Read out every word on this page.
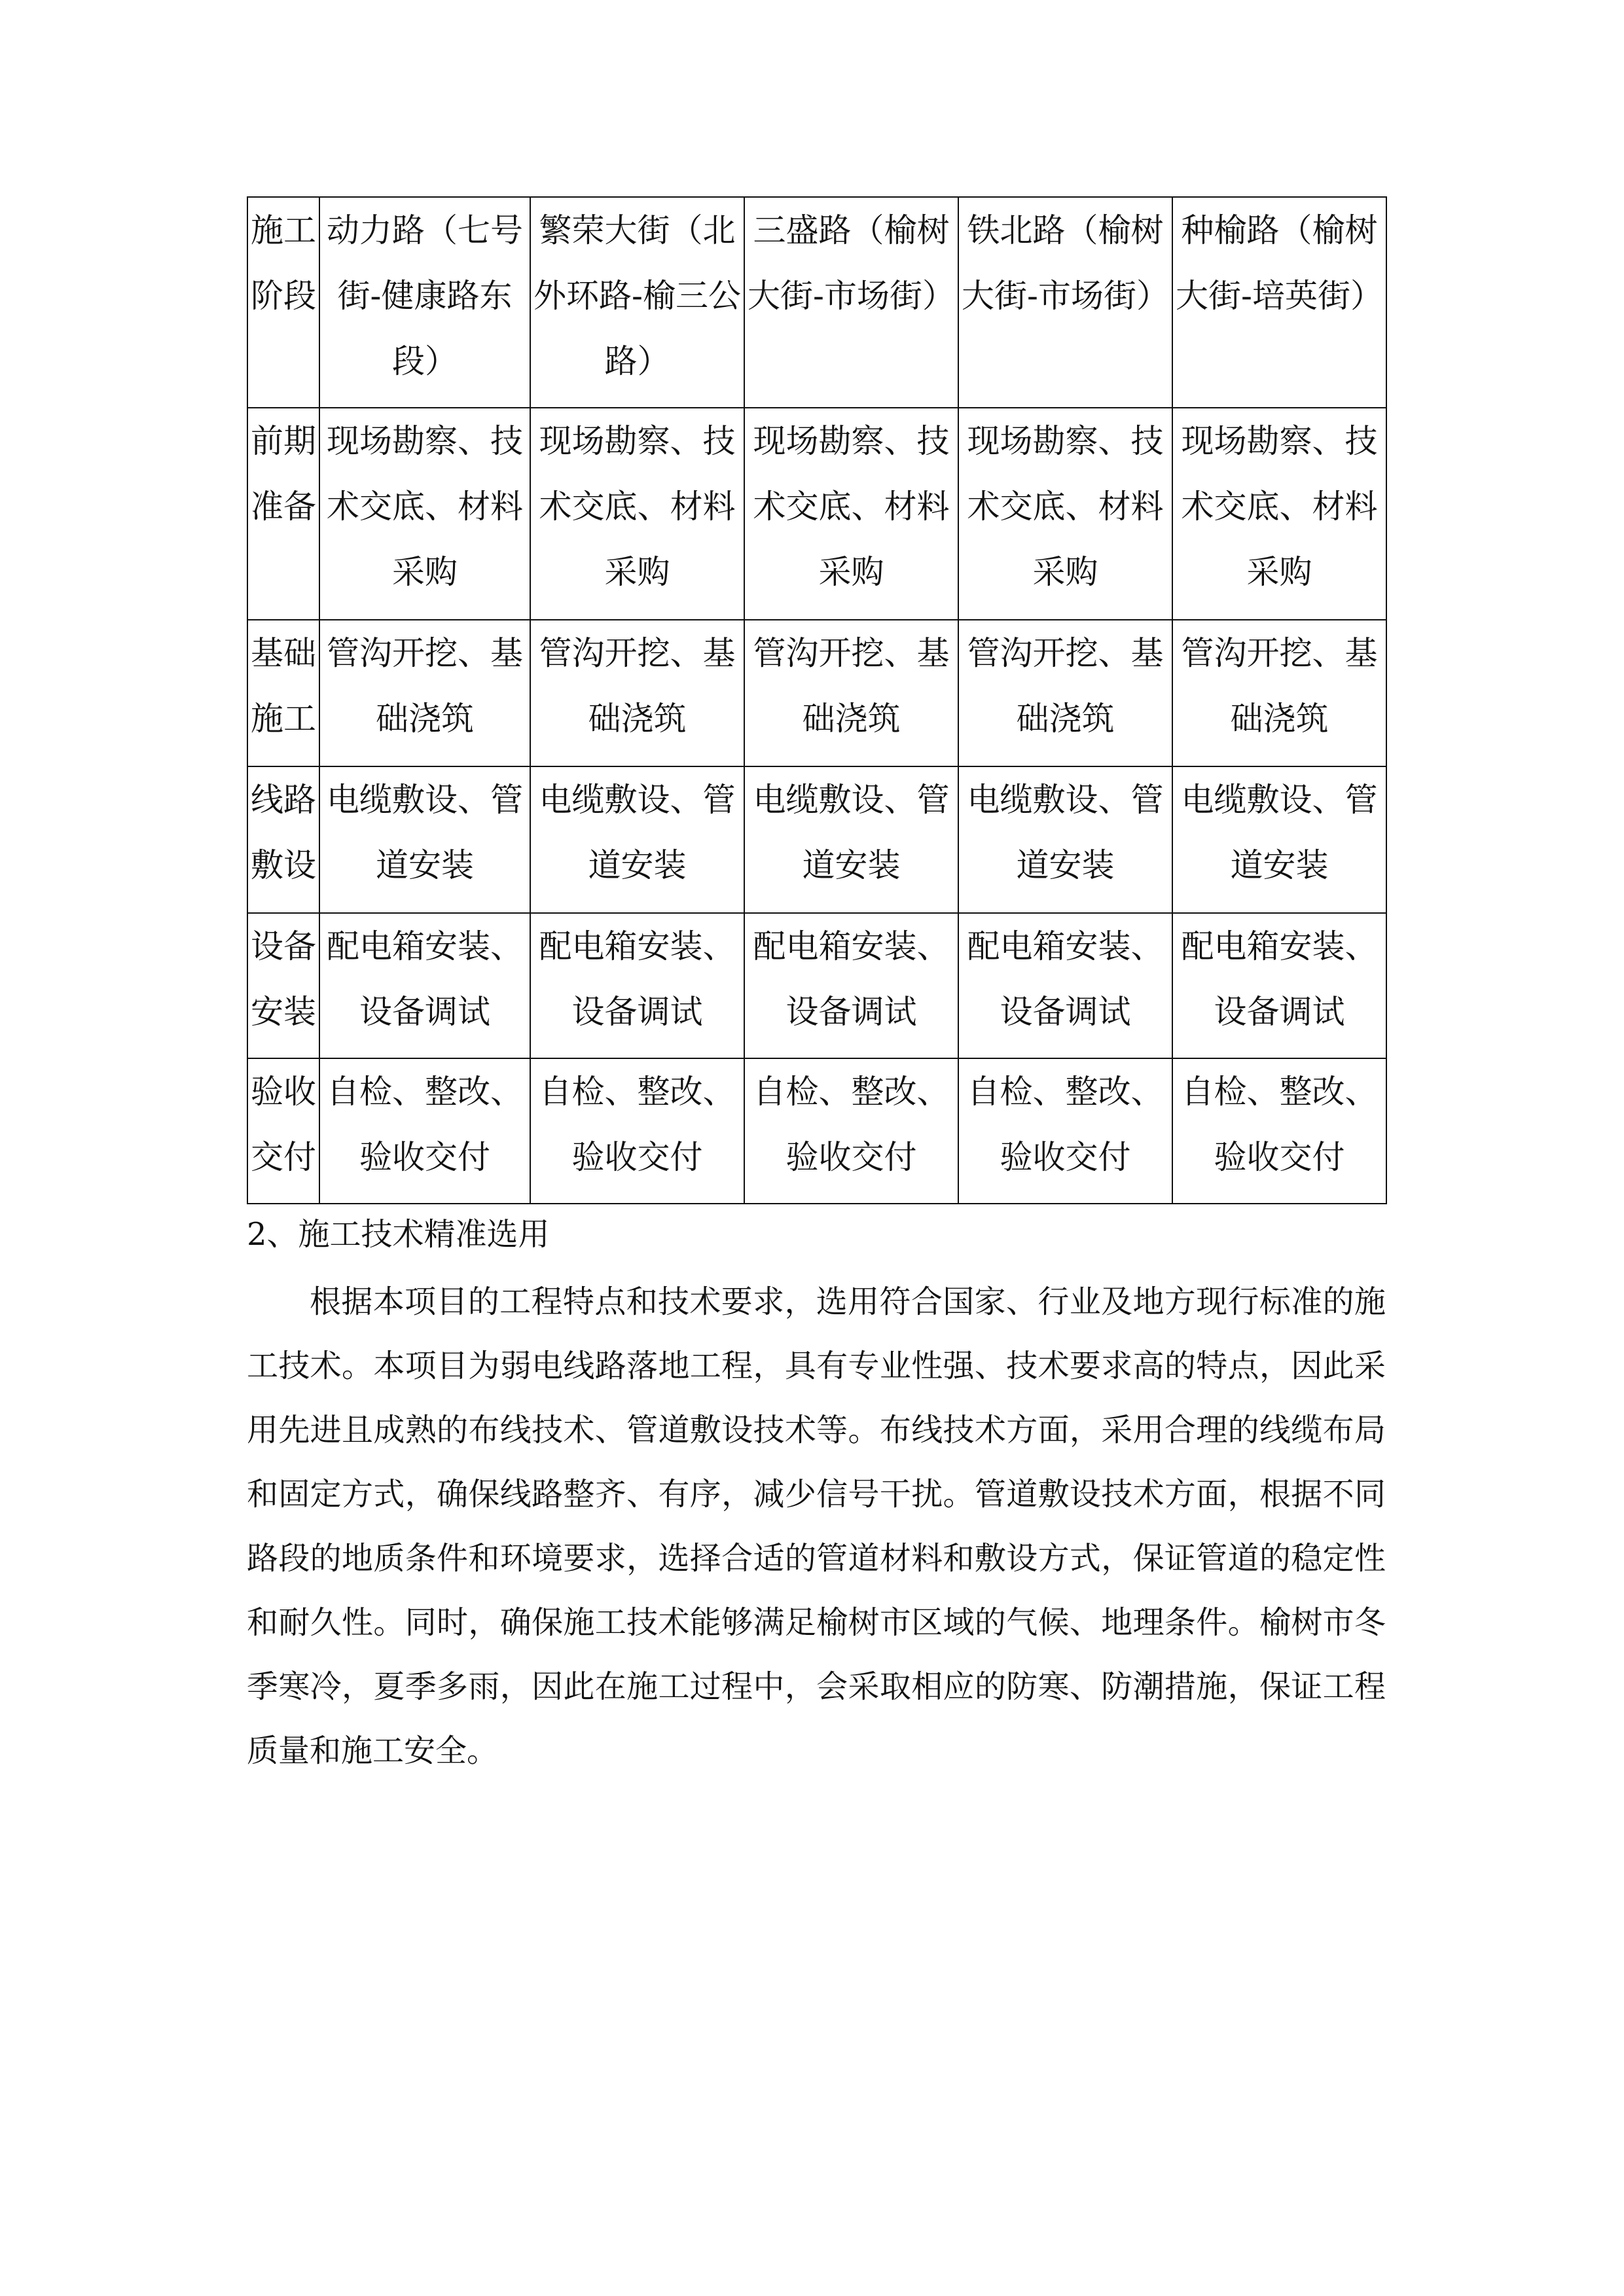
施工阶段	动力路（七号街-健康路东段）	繁荣大街（北外环路-榆三公路）	三盛路（榆树大街-市场街）	铁北路（榆树大街-市场街）	种榆路（榆树大街-培英街）
前期准备	现场勘察、技术交底、材料采购	现场勘察、技术交底、材料采购	现场勘察、技术交底、材料采购	现场勘察、技术交底、材料采购	现场勘察、技术交底、材料采购
基础施工	管沟开挖、基础浇筑	管沟开挖、基础浇筑	管沟开挖、基础浇筑	管沟开挖、基础浇筑	管沟开挖、基础浇筑
线路敷设	电缆敷设、管道安装	电缆敷设、管道安装	电缆敷设、管道安装	电缆敷设、管道安装	电缆敷设、管道安装
设备安装	配电箱安装、设备调试	配电箱安装、设备调试	配电箱安装、设备调试	配电箱安装、设备调试	配电箱安装、设备调试
验收交付	自检、整改、验收交付	自检、整改、验收交付	自检、整改、验收交付	自检、整改、验收交付	自检、整改、验收交付
2、施工技术精准选用

根据本项目的工程特点和技术要求，选用符合国家、行业及地方现行标准的施工技术。本项目为弱电线路落地工程，具有专业性强、技术要求高的特点，因此采用先进且成熟的布线技术、管道敷设技术等。布线技术方面，采用合理的线缆布局和固定方式，确保线路整齐、有序，减少信号干扰。管道敷设技术方面，根据不同路段的地质条件和环境要求，选择合适的管道材料和敷设方式，保证管道的稳定性和耐久性。同时，确保施工技术能够满足榆树市区域的气候、地理条件。榆树市冬季寒冷，夏季多雨，因此在施工过程中，会采取相应的防寒、防潮措施，保证工程质量和施工安全。
